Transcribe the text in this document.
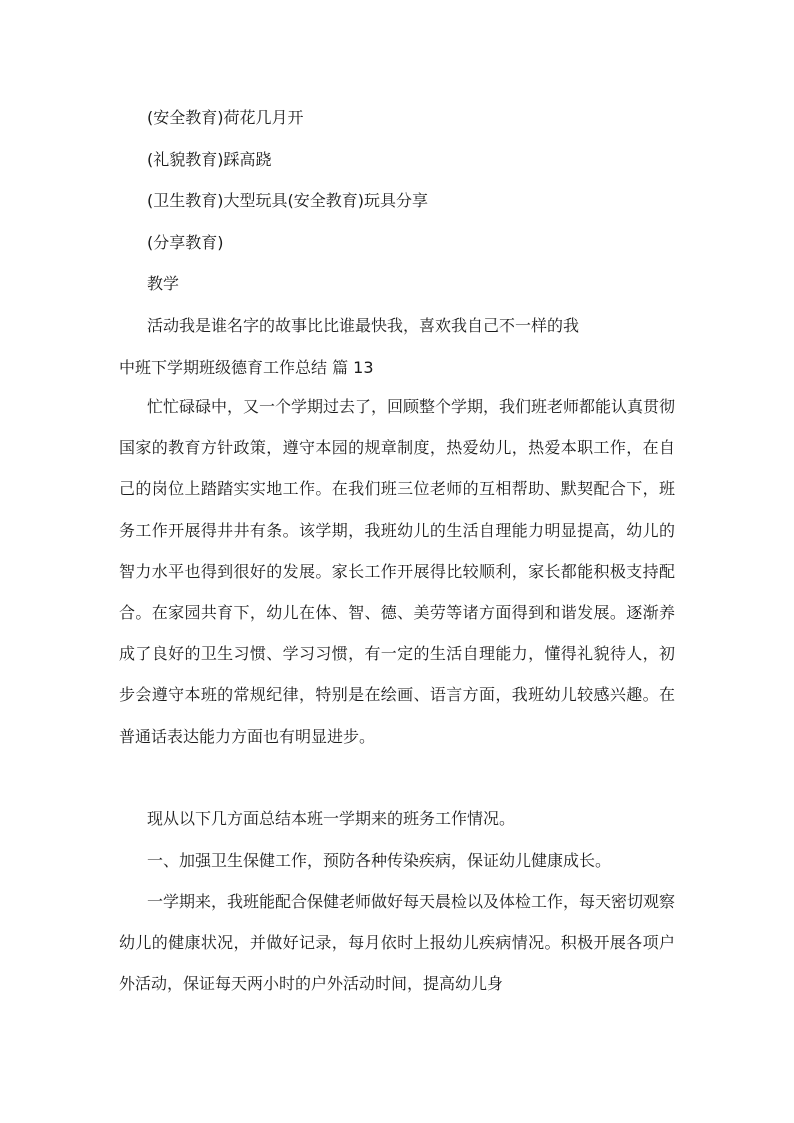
(安全教育)荷花几月开

(礼貌教育)踩高跷

(卫生教育)大型玩具(安全教育)玩具分享

(分享教育)

教学

活动我是谁名字的故事比比谁最快我，喜欢我自己不一样的我

中班下学期班级德育工作总结 篇 13

忙忙碌碌中，又一个学期过去了，回顾整个学期，我们班老师都能认真贯彻国家的教育方针政策，遵守本园的规章制度，热爱幼儿，热爱本职工作，在自己的岗位上踏踏实实地工作。在我们班三位老师的互相帮助、默契配合下，班务工作开展得井井有条。该学期，我班幼儿的生活自理能力明显提高，幼儿的智力水平也得到很好的发展。家长工作开展得比较顺利，家长都能积极支持配合。在家园共育下，幼儿在体、智、德、美劳等诸方面得到和谐发展。逐渐养成了良好的卫生习惯、学习习惯，有一定的生活自理能力，懂得礼貌待人，初步会遵守本班的常规纪律，特别是在绘画、语言方面，我班幼儿较感兴趣。在普通话表达能力方面也有明显进步。

现从以下几方面总结本班一学期来的班务工作情况。

一、加强卫生保健工作，预防各种传染疾病，保证幼儿健康成长。

一学期来，我班能配合保健老师做好每天晨检以及体检工作，每天密切观察幼儿的健康状况，并做好记录，每月依时上报幼儿疾病情况。积极开展各项户外活动，保证每天两小时的户外活动时间，提高幼儿身
